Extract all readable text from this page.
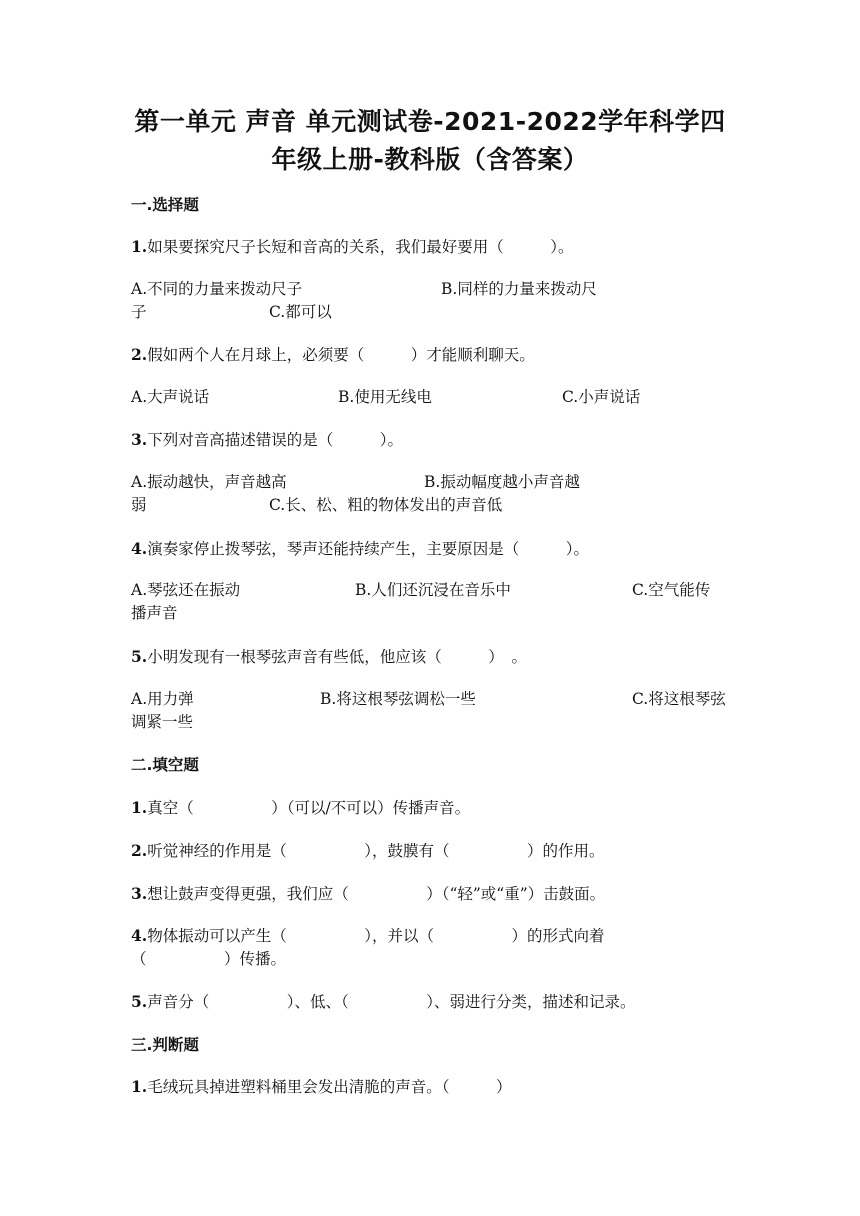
第一单元 声音 单元测试卷-2021-2022学年科学四
年级上册-教科版（含答案）
一.选择题
1.如果要探究尺子长短和音高的关系，我们最好要用（　　　）。
A.不同的力量来拨动尺子	B.同样的力量来拨动尺
子	C.都可以
2.假如两个人在月球上，必须要（　　　）才能顺利聊天。
A.大声说话	B.使用无线电	C.小声说话
3.下列对音高描述错误的是（　　　）。
A.振动越快，声音越高	B.振动幅度越小声音越
弱	C.长、松、粗的物体发出的声音低
4.演奏家停止拨琴弦，琴声还能持续产生，主要原因是（　　　）。
A.琴弦还在振动	B.人们还沉浸在音乐中	C.空气能传
播声音
5.小明发现有一根琴弦声音有些低，他应该（　　　）　。
A.用力弹	B.将这根琴弦调松一些	C.将这根琴弦
调紧一些
二.填空题
1.真空（　　　　　）（可以/不可以）传播声音。
2.听觉神经的作用是（　　　　　），鼓膜有（　　　　　）的作用。
3.想让鼓声变得更强，我们应（　　　　　）（“轻”或“重”）击鼓面。
4.物体振动可以产生（　　　　　），并以（　　　　　）的形式向着
（　　　　　）传播。
5.声音分（　　　　　）、低、（　　　　　）、弱进行分类，描述和记录。
三.判断题
1.毛绒玩具掉进塑料桶里会发出清脆的声音。（　　　）
